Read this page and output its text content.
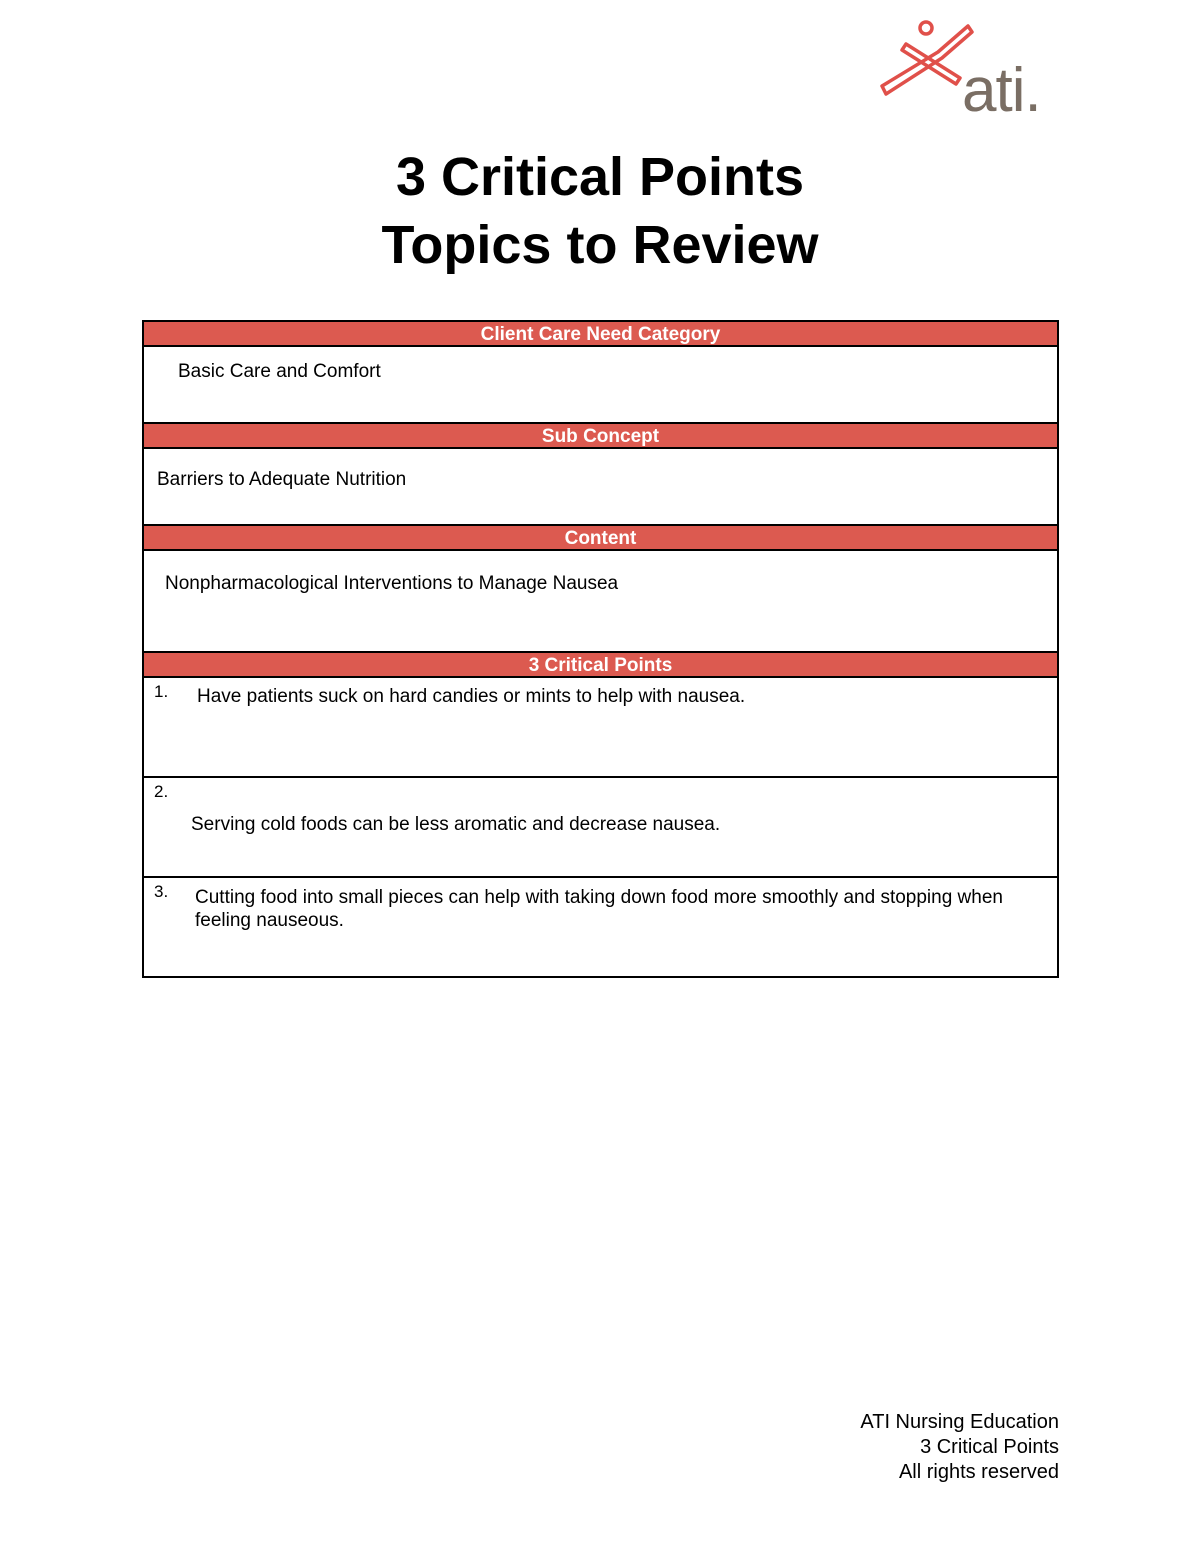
ati.
3 Critical Points
Topics to Review
Client Care Need Category
Basic Care and Comfort
Sub Concept
Barriers to Adequate Nutrition
Content
Nonpharmacological Interventions to Manage Nausea
3 Critical Points
1. Have patients suck on hard candies or mints to help with nausea.
2.
Serving cold foods can be less aromatic and decrease nausea.
3. Cutting food into small pieces can help with taking down food more smoothly and stopping when feeling nauseous.
ATI Nursing Education
3 Critical Points
All rights reserved
